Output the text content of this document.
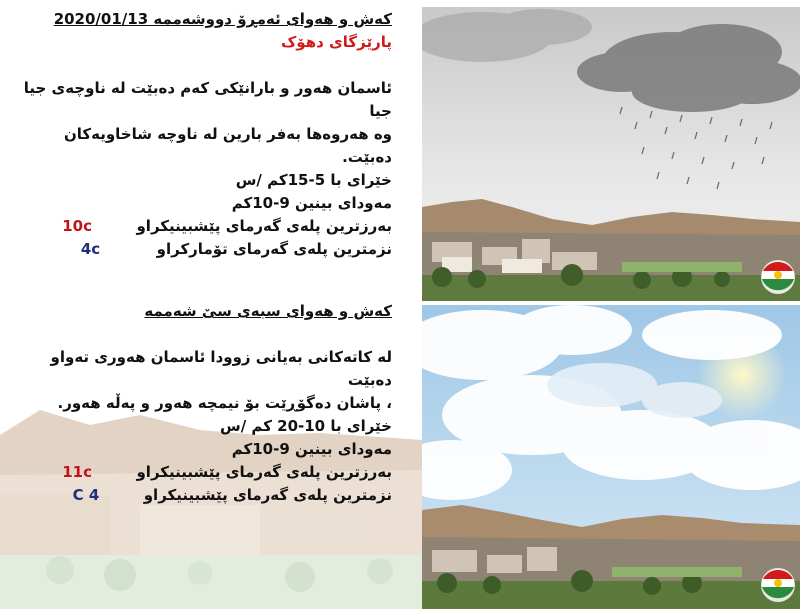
کەش و هەوای ئەمڕۆ دووشەممە 2020/01/13
پارێزگای دهۆک
ئاسمان هەور و بارانێکی کەم دەبێت لە ناوچەی جیا جیا
وە هەروەها بەفر بارین لە ناوچە شاخاویەکان دەبێت.
خێرای با 5-15کم /س
مەودای بینین 9-10کم
بەرزترین پلەی گەرمای پێشبینیکراو  10c
نزمترین پلەی گەرمای تۆمارکراو  4c
کەش و هەوای سبەی سێ شەممە
لە کاتەکانی بەیانی زوودا ئاسمان هەوری تەواو دەبێت
، پاشان دەگۆڕێت بۆ نیمچە هەور و پەڵە هەور.
خێرای با 10-20 کم /س
مەودای بینین 9-10کم
بەرزترین پلەی گەرمای پێشبینیکراو  11c
نزمترین پلەی گەرمای پێشبینیکراو  4 C
